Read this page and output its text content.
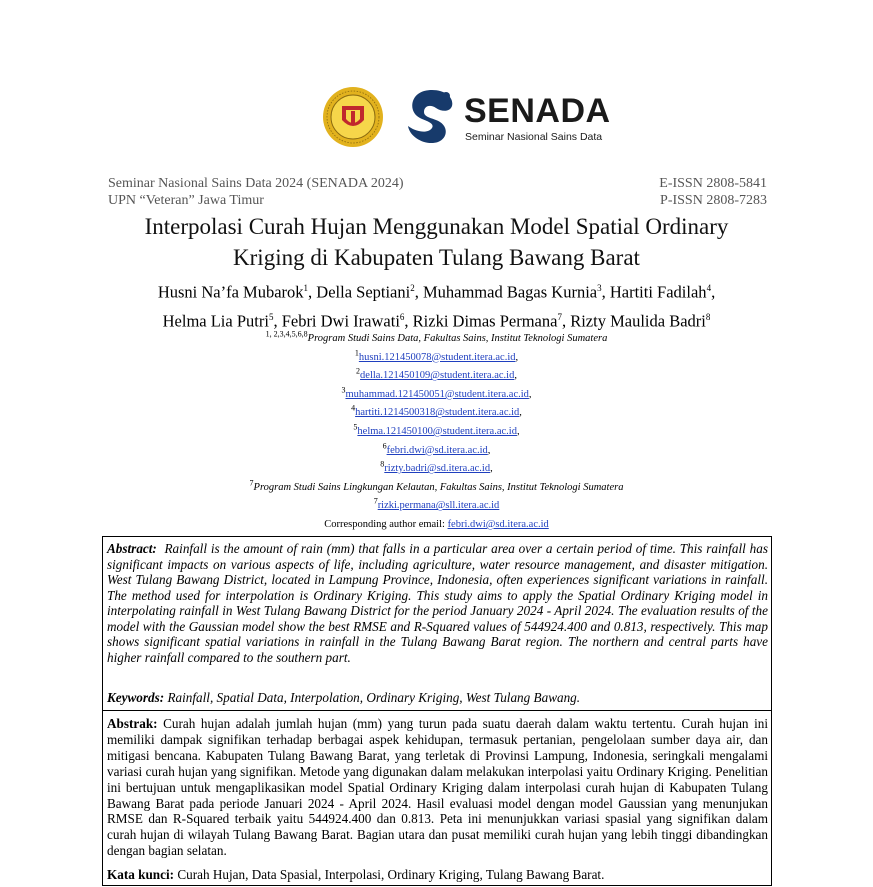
SENADA
Seminar Nasional Sains Data
Seminar Nasional Sains Data 2024 (SENADA 2024)
UPN “Veteran” Jawa Timur
E-ISSN 2808-5841
P-ISSN 2808-7283
Interpolasi Curah Hujan Menggunakan Model Spatial Ordinary
Kriging di Kabupaten Tulang Bawang Barat
Husni Na’fa Mubarok$^1$, Della Septiani$^2$, Muhammad Bagas Kurnia$^3$, Hartiti Fadilah$^4$,
Helma Lia Putri$^5$, Febri Dwi Irawati$^6$, Rizki Dimas Permana$^7$, Rizty Maulida Badri$^8$
$^{1, 2,3,4,5,6,8}$Program Studi Sains Data, Fakultas Sains, Institut Teknologi Sumatera
$^1$husni.121450078@student.itera.ac.id,
$^2$della.121450109@student.itera.ac.id,
$^3$muhammad.121450051@student.itera.ac.id,
$^4$hartiti.1214500318@student.itera.ac.id,
$^5$helma.121450100@student.itera.ac.id,
$^6$febri.dwi@sd.itera.ac.id,
$^8$rizty.badri@sd.itera.ac.id,
$^7$Program Studi Sains Lingkungan Kelautan, Fakultas Sains, Institut Teknologi Sumatera
$^7$rizki.permana@sll.itera.ac.id
Corresponding author email: febri.dwi@sd.itera.ac.id
Abstract: Rainfall is the amount of rain (mm) that falls in a particular area over a certain period of time. This rainfall has significant impacts on various aspects of life, including agriculture, water resource management, and disaster mitigation. West Tulang Bawang District, located in Lampung Province, Indonesia, often experiences significant variations in rainfall. The method used for interpolation is Ordinary Kriging. This study aims to apply the Spatial Ordinary Kriging model in interpolating rainfall in West Tulang Bawang District for the period January 2024 - April 2024. The evaluation results of the model with the Gaussian model show the best RMSE and R-Squared values of 544924.400 and 0.813, respectively. This map shows significant spatial variations in rainfall in the Tulang Bawang Barat region. The northern and central parts have higher rainfall compared to the southern part.
Keywords: Rainfall, Spatial Data, Interpolation, Ordinary Kriging, West Tulang Bawang.
Abstrak: Curah hujan adalah jumlah hujan (mm) yang turun pada suatu daerah dalam waktu tertentu. Curah hujan ini memiliki dampak signifikan terhadap berbagai aspek kehidupan, termasuk pertanian, pengelolaan sumber daya air, dan mitigasi bencana. Kabupaten Tulang Bawang Barat, yang terletak di Provinsi Lampung, Indonesia, seringkali mengalami variasi curah hujan yang signifikan. Metode yang digunakan dalam melakukan interpolasi yaitu Ordinary Kriging. Penelitian ini bertujuan untuk mengaplikasikan model Spatial Ordinary Kriging dalam interpolasi curah hujan di Kabupaten Tulang Bawang Barat pada periode Januari 2024 - April 2024. Hasil evaluasi model dengan model Gaussian yang menunjukan RMSE dan R-Squared terbaik yaitu 544924.400 dan 0.813. Peta ini menunjukkan variasi spasial yang signifikan dalam curah hujan di wilayah Tulang Bawang Barat. Bagian utara dan pusat memiliki curah hujan yang lebih tinggi dibandingkan dengan bagian selatan.
Kata kunci: Curah Hujan, Data Spasial, Interpolasi, Ordinary Kriging, Tulang Bawang Barat.
